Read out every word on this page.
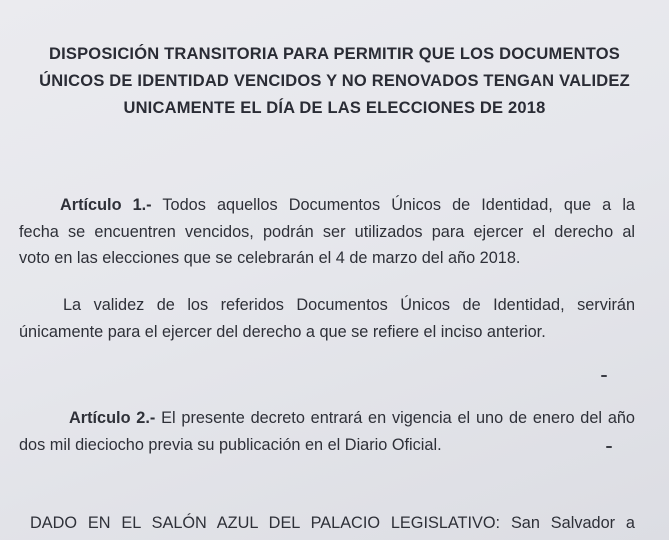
DISPOSICIÓN TRANSITORIA PARA PERMITIR QUE LOS DOCUMENTOS
ÚNICOS DE IDENTIDAD VENCIDOS Y NO RENOVADOS TENGAN VALIDEZ
UNICAMENTE EL DÍA DE LAS ELECCIONES DE 2018
Artículo 1.- Todos aquellos Documentos Únicos de Identidad, que a la
fecha se encuentren vencidos, podrán ser utilizados para ejercer el derecho al
voto en las elecciones que se celebrarán el 4 de marzo del año 2018.
La validez de los referidos Documentos Únicos de Identidad, servirán
únicamente para el ejercer del derecho a que se refiere el inciso anterior.
Artículo 2.- El presente decreto entrará en vigencia el uno de enero del año
dos mil dieciocho previa su publicación en el Diario Oficial.
DADO EN EL SALÓN AZUL DEL PALACIO LEGISLATIVO: San Salvador a
